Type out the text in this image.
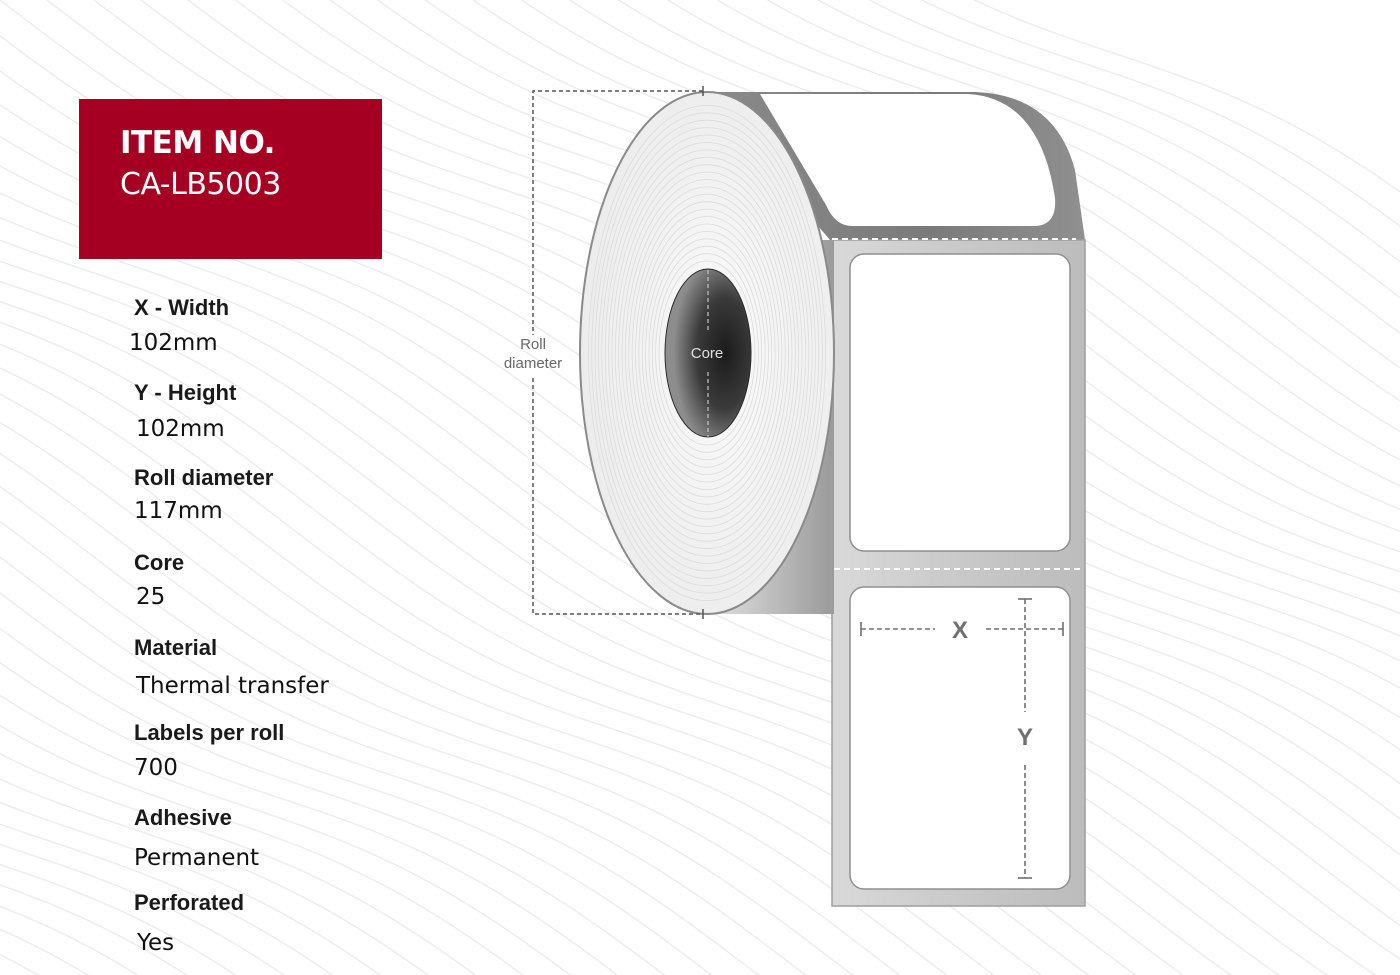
ITEM NO.
CA-LB5003
X - Width
102mm
Y - Height
102mm
Roll diameter
117mm
Core
25
Material
Thermal transfer
Labels per roll
700
Adhesive
Permanent
Perforated
Yes
Core
Roll
diameter
X
Y
